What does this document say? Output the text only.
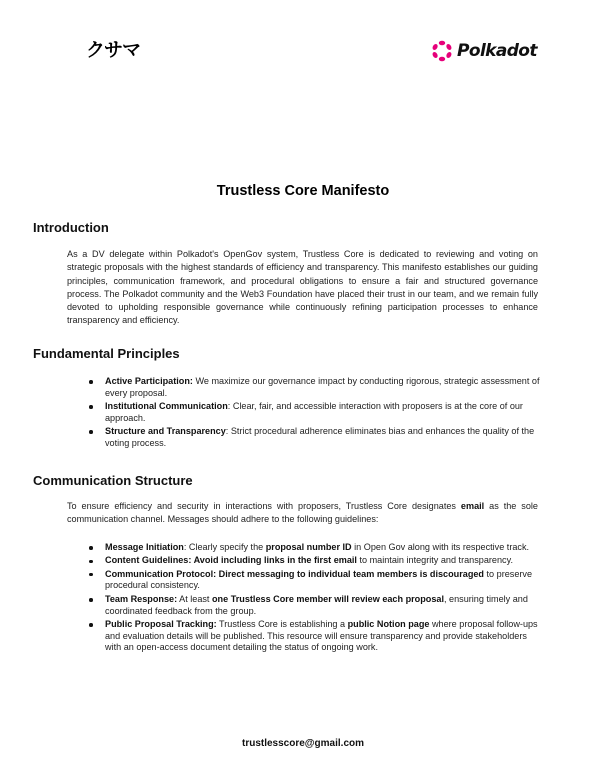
クサマ	Polkadot
Trustless Core Manifesto
Introduction

As a DV delegate within Polkadot's OpenGov system, Trustless Core is dedicated to reviewing and voting on strategic proposals with the highest standards of efficiency and transparency. This manifesto establishes our guiding principles, communication framework, and procedural obligations to ensure a fair and structured governance process. The Polkadot community and the Web3 Foundation have placed their trust in our team, and we remain fully devoted to upholding responsible governance while continuously refining participation processes to enhance transparency and efficiency.

Fundamental Principles
Active Participation: We maximize our governance impact by conducting rigorous, strategic assessment of every proposal.
Institutional Communication: Clear, fair, and accessible interaction with proposers is at the core of our approach.
Structure and Transparency: Strict procedural adherence eliminates bias and enhances the quality of the voting process.
Communication Structure

To ensure efficiency and security in interactions with proposers, Trustless Core designates email as the sole communication channel. Messages should adhere to the following guidelines:

Message Initiation: Clearly specify the proposal number ID in Open Gov along with its respective track.
Content Guidelines: Avoid including links in the first email to maintain integrity and transparency.
Communication Protocol: Direct messaging to individual team members is discouraged to preserve procedural consistency.
Team Response: At least one Trustless Core member will review each proposal, ensuring timely and coordinated feedback from the group.
Public Proposal Tracking: Trustless Core is establishing a public Notion page where proposal follow-ups and evaluation details will be published. This resource will ensure transparency and provide stakeholders with an open-access document detailing the status of ongoing work.
trustlesscore@gmail.com
